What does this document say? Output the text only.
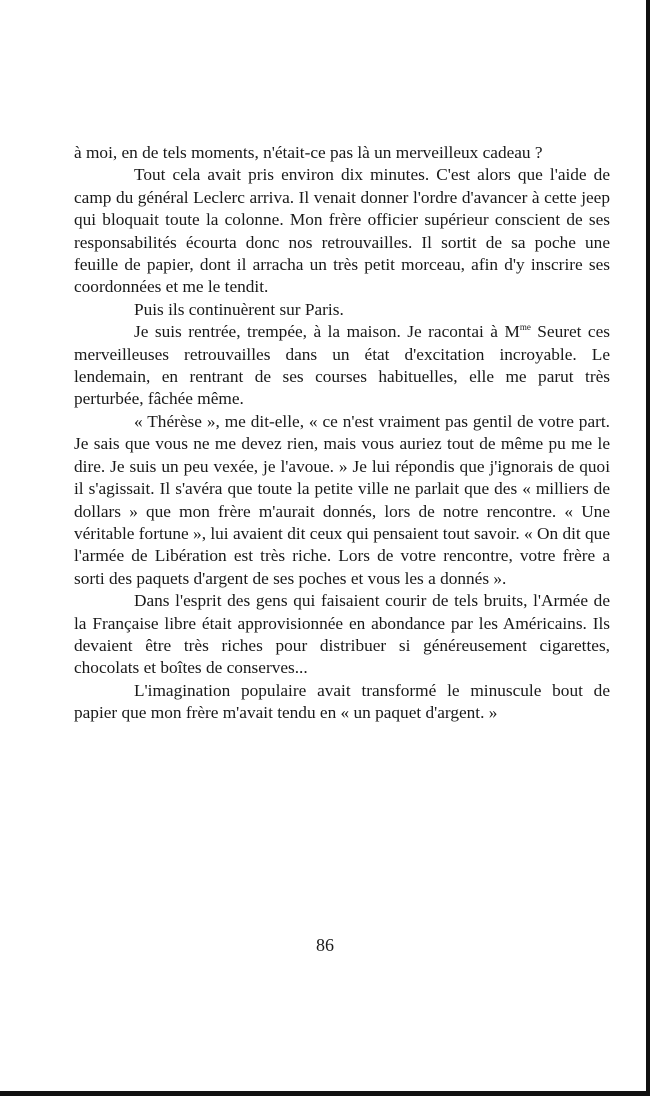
à moi, en de tels moments, n'était-ce pas là un merveilleux cadeau ?

Tout cela avait pris environ dix minutes. C'est alors que l'aide de camp du général Leclerc arriva. Il venait donner l'ordre d'avancer à cette jeep qui bloquait toute la colonne. Mon frère officier supérieur conscient de ses responsabilités écourta donc nos retrouvailles. Il sortit de sa poche une feuille de papier, dont il arracha un très petit morceau, afin d'y inscrire ses coordonnées et me le tendit.

Puis ils continuèrent sur Paris.

Je suis rentrée, trempée, à la maison. Je racontai à $M^{me}$ Seuret ces merveilleuses retrouvailles dans un état d'excitation incroyable. Le lendemain, en rentrant de ses courses habituelles, elle me parut très perturbée, fâchée même.

« Thérèse », me dit-elle, « ce n'est vraiment pas gentil de votre part. Je sais que vous ne me devez rien, mais vous auriez tout de même pu me le dire. Je suis un peu vexée, je l'avoue. » Je lui répondis que j'ignorais de quoi il s'agissait. Il s'avéra que toute la petite ville ne parlait que des « milliers de dollars » que mon frère m'aurait donnés, lors de notre rencontre. « Une véritable fortune », lui avaient dit ceux qui pensaient tout savoir. « On dit que l'armée de Libération est très riche. Lors de votre rencontre, votre frère a sorti des paquets d'argent de ses poches et vous les a donnés ».

Dans l'esprit des gens qui faisaient courir de tels bruits, l'Armée de la Française libre était approvisionnée en abondance par les Américains. Ils devaient être très riches pour distribuer si généreusement cigarettes, chocolats et boîtes de conserves...

L'imagination populaire avait transformé le minuscule bout de papier que mon frère m'avait tendu en « un paquet d'argent. »

86
